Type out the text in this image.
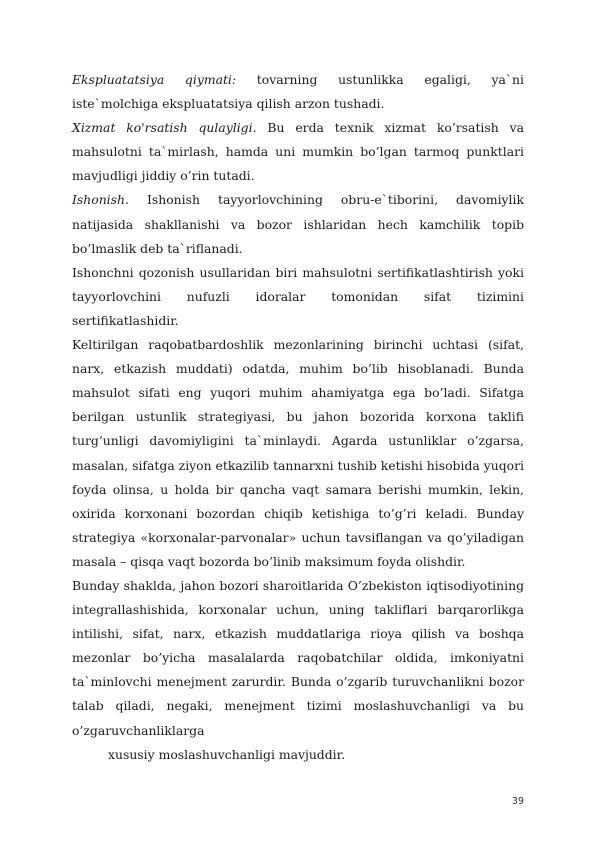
Ekspluatatsiya qiymati: tovarning ustunlikka egaligi, ya`ni iste`molchiga ekspluatatsiya qilish arzon tushadi.

Xizmat ko'rsatish qulayligi. Bu erda texnik xizmat ko’rsatish va mahsulotni ta`mirlash, hamda uni mumkin bo’lgan tarmoq punktlari mavjudligi jiddiy o’rin tutadi.

Ishonish. Ishonish tayyorlovchining obru-e`tiborini, davomiylik natijasida shakllanishi va bozor ishlaridan hech kamchilik topib bo’lmaslik deb ta`riflanadi.

Ishonchni qozonish usullaridan biri mahsulotni sertifikatlashtirish yoki tayyorlovchini nufuzli idoralar tomonidan sifat tizimini sertifikatlashidir.

Keltirilgan raqobatbardoshlik mezonlarining birinchi uchtasi (sifat, narx, etkazish muddati) odatda, muhim bo’lib hisoblanadi. Bunda mahsulot sifati eng yuqori muhim ahamiyatga ega bo’ladi. Sifatga berilgan ustunlik strategiyasi, bu jahon bozorida korxona taklifi turg’unligi davomiyligini ta`minlaydi. Agarda ustunliklar o’zgarsa, masalan, sifatga ziyon etkazilib tannarxni tushib ketishi hisobida yuqori foyda olinsa, u holda bir qancha vaqt samara berishi mumkin, lekin, oxirida korxonani bozordan chiqib ketishiga to’g’ri keladi. Bunday strategiya «korxonalar-parvonalar» uchun tavsiflangan va qo’yiladigan masala – qisqa vaqt bozorda bo’linib maksimum foyda olishdir.

Bunday shaklda, jahon bozori sharoitlarida O’zbekiston iqtisodiyotining integrallashishida, korxonalar uchun, uning takliflari barqarorlikga intilishi, sifat, narx, etkazish muddatlariga rioya qilish va boshqa mezonlar bo’yicha masalalarda raqobatchilar oldida, imkoniyatni ta`minlovchi menejment zarurdir. Bunda o’zgarib turuvchanlikni bozor talab qiladi, negaki, menejment tizimi moslashuvchanligi va bu o’zgaruvchanliklarga

xususiy moslashuvchanligi mavjuddir.

39
